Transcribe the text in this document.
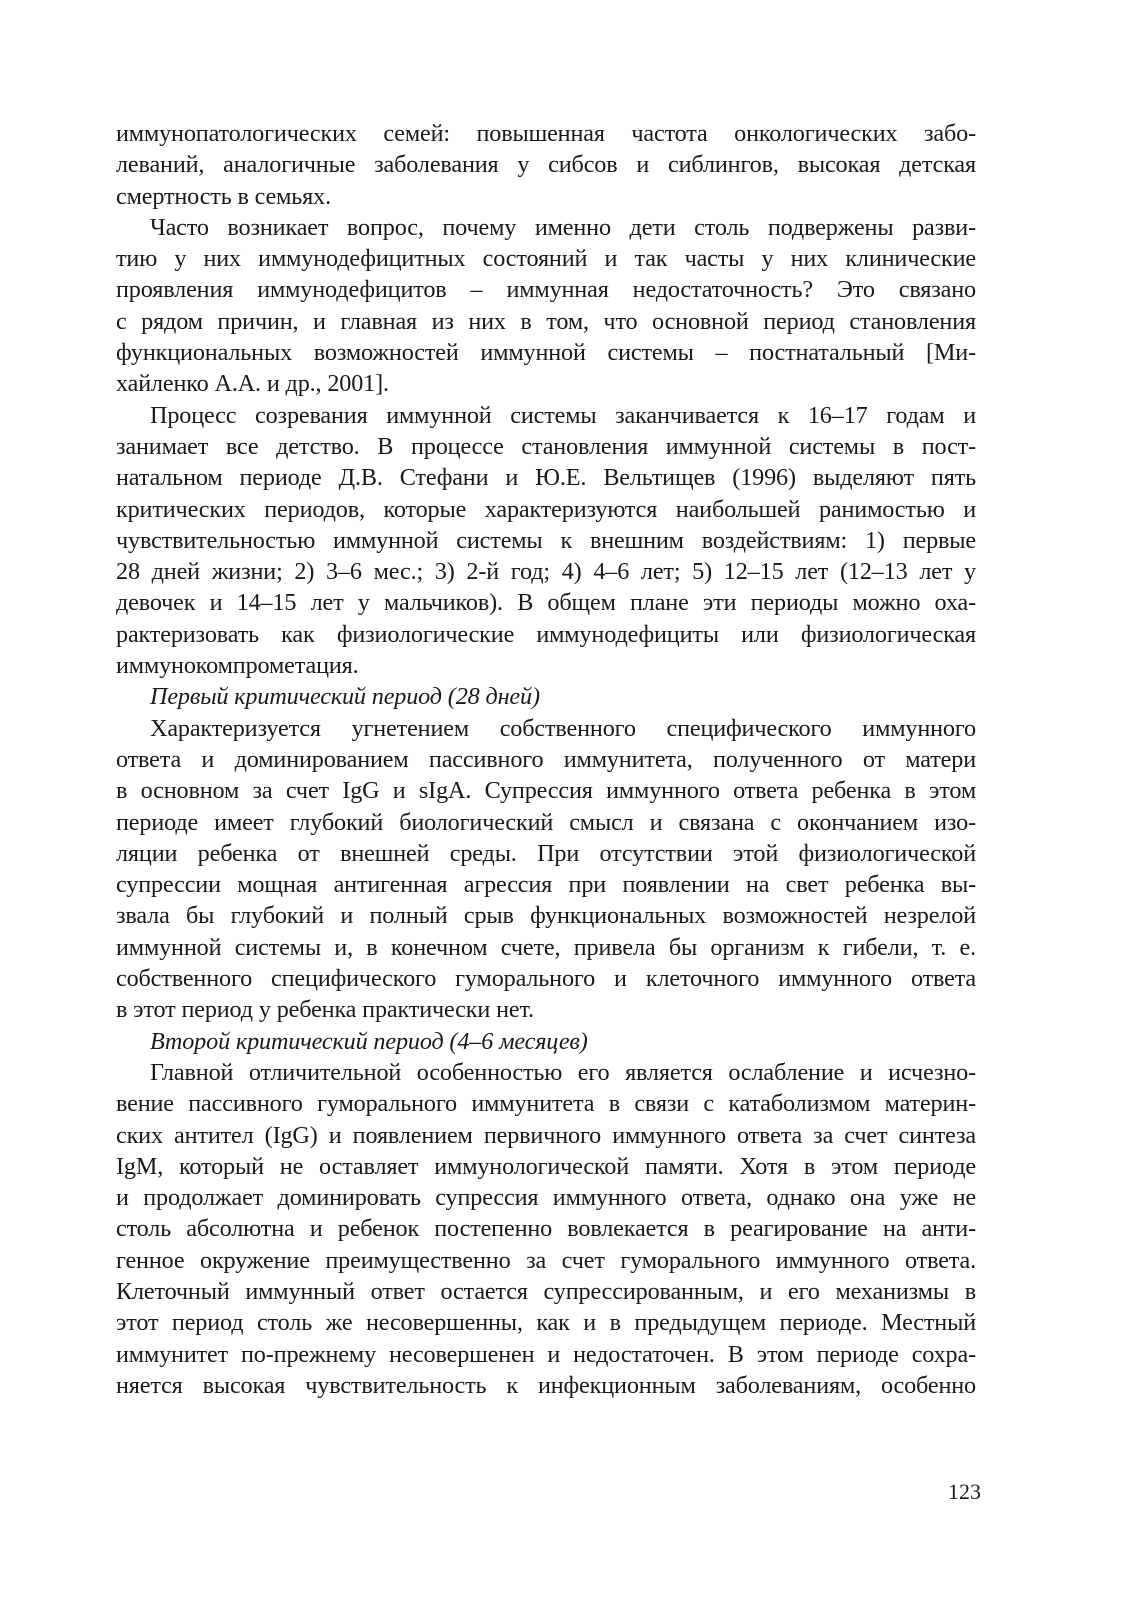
иммунопатологических семей: повышенная частота онкологических забо-
леваний, аналогичные заболевания у сибсов и сиблингов, высокая детская
смертность в семьях.
Часто возникает вопрос, почему именно дети столь подвержены разви-
тию у них иммунодефицитных состояний и так часты у них клинические
проявления иммунодефицитов – иммунная недостаточность? Это связано
с рядом причин, и главная из них в том, что основной период становления
функциональных возможностей иммунной системы – постнатальный [Ми-
хайленко А.А. и др., 2001].
Процесс созревания иммунной системы заканчивается к 16–17 годам и
занимает все детство. В процессе становления иммунной системы в пост-
натальном периоде Д.В. Стефани и Ю.Е. Вельтищев (1996) выделяют пять
критических периодов, которые характеризуются наибольшей ранимостью и
чувствительностью иммунной системы к внешним воздействиям: 1) первые
28 дней жизни; 2) 3–6 мес.; 3) 2-й год; 4) 4–6 лет; 5) 12–15 лет (12–13 лет у
девочек и 14–15 лет у мальчиков). В общем плане эти периоды можно оха-
рактеризовать как физиологические иммунодефициты или физиологическая
иммунокомпрометация.
Первый критический период (28 дней)
Характеризуется угнетением собственного специфического иммунного
ответа и доминированием пассивного иммунитета, полученного от матери
в основном за счет IgG и sIgA. Супрессия иммунного ответа ребенка в этом
периоде имеет глубокий биологический смысл и связана с окончанием изо-
ляции ребенка от внешней среды. При отсутствии этой физиологической
супрессии мощная антигенная агрессия при появлении на свет ребенка вы-
звала бы глубокий и полный срыв функциональных возможностей незрелой
иммунной системы и, в конечном счете, привела бы организм к гибели, т. е.
собственного специфического гуморального и клеточного иммунного ответа
в этот период у ребенка практически нет.
Второй критический период (4–6 месяцев)
Главной отличительной особенностью его является ослабление и исчезно-
вение пассивного гуморального иммунитета в связи с катаболизмом материн-
ских антител (IgG) и появлением первичного иммунного ответа за счет синтеза
IgM, который не оставляет иммунологической памяти. Хотя в этом периоде
и продолжает доминировать супрессия иммунного ответа, однако она уже не
столь абсолютна и ребенок постепенно вовлекается в реагирование на анти-
генное окружение преимущественно за счет гуморального иммунного ответа.
Клеточный иммунный ответ остается супрессированным, и его механизмы в
этот период столь же несовершенны, как и в предыдущем периоде. Местный
иммунитет по-прежнему несовершенен и недостаточен. В этом периоде сохра-
няется высокая чувствительность к инфекционным заболеваниям, особенно
123
